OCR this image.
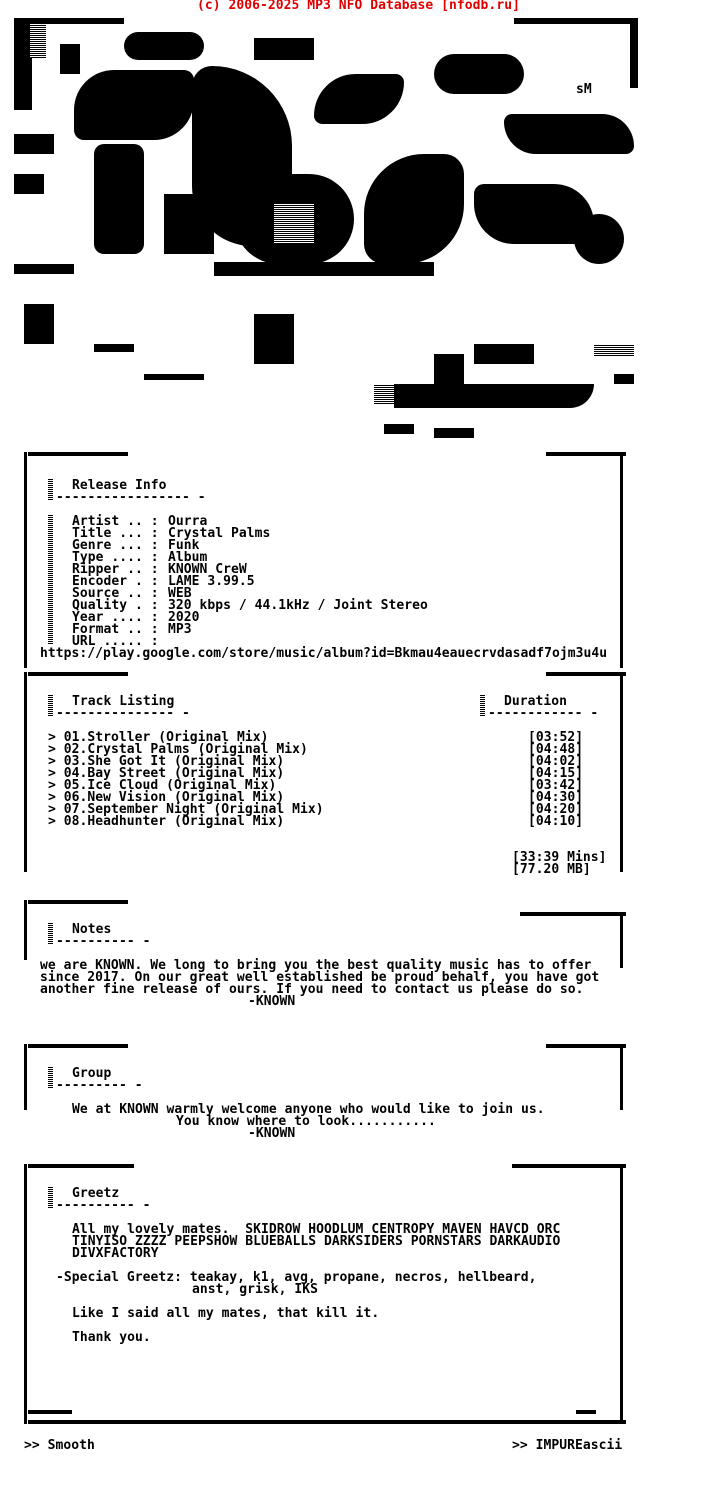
(c) 2006-2025 MP3 NFO Database [nfodb.ru]
sM
Release Info
----------------- -
Artist .. : Ourra
Title ... : Crystal Palms
Genre ... : Funk
Type .... : Album
Ripper .. : KNOWN CreW
Encoder . : LAME 3.99.5
Source .. : WEB
Quality . : 320 kbps / 44.1kHz / Joint Stereo
Year .... : 2020
Format .. : MP3
URL ..... :
https://play.google.com/store/music/album?id=Bkmau4eauecrvdasadf7ojm3u4u
Track Listing
--------------- -
Duration
------------ -
> 01.Stroller (Original Mix)	[03:52]
> 02.Crystal Palms (Original Mix)	[04:48]
> 03.She Got It (Original Mix)	[04:02]
> 04.Bay Street (Original Mix)	[04:15]
> 05.Ice Cloud (Original Mix)	[03:42]
> 06.New Vision (Original Mix)	[04:30]
> 07.September Night (Original Mix)	[04:20]
> 08.Headhunter (Original Mix)	[04:10]
[33:39 Mins]
[77.20 MB]
Notes
---------- -
we are KNOWN. We long to bring you the best quality music has to offer
since 2017. On our great well established be proud behalf, you have got
another fine release of ours. If you need to contact us please do so.
-KNOWN
Group
--------- -
We at KNOWN warmly welcome anyone who would like to join us.
You know where to look...........
-KNOWN
Greetz
---------- -
All my lovely mates.  SKIDROW HOODLUM CENTROPY MAVEN HAVCD ORC
TINYISO ZZZZ PEEPSHOW BLUEBALLS DARKSIDERS PORNSTARS DARKAUDIO
DIVXFACTORY
-Special Greetz: teakay, k1, avg, propane, necros, hellbeard,
anst, grisk, IKS
Like I said all my mates, that kill it.
Thank you.
>> Smooth	>> IMPUREascii
